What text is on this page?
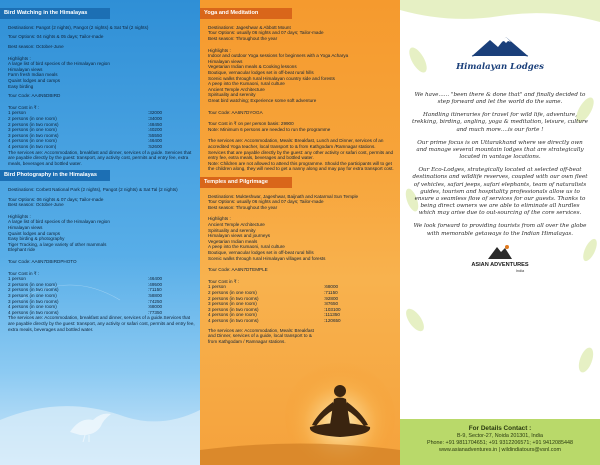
Bird Watching in the Himalayas

Destinations: Pangot (2 nights), Pangot (2 nights) & Sat Tal (2 nights)

Tour Options: 04 nights & 05 days; Tailor-made

Best season: October-June

Highlights :

A large list of bird species of the Himalayan region

Himalayan views

Farm fresh Indian meals

Quaint lodges and camps

Easy birding

Tour Code: AA4N5DBIRD

Tour Cost in ₹ :

1 person	:32000
2 persons (in one room)	:34000
2 persons (in two rooms)	:48450
3 persons (in one room)	:40200
3 persons (in two rooms)	:55550
4 persons (in one room)	:46400
4 persons (in two room)	:52600

The services are: Accommodation, breakfast and dinner, services of a guide. Services that are payable directly by the guest: transport, any activity cost, permits and entry fee, extra meals, beverages and bottled water.

Bird Photography in the Himalayas

Destinations: Corbett National Park (2 nights), Pangot (2 nights) & Sat Tal (2 nights)

Tour Options: 06 nights & 07 days; Tailor-made

Best season: October-June

Highlights :

A large list of bird species of the Himalayan region

Himalayan views

Quaint lodges and camps

Easy birding & photography

Tiger Tracking, a large variety of other mammals

Elephant ride

Tour Code: AA6N7DBIRDPHOTO

Tour Cost in ₹ :

1 person	:46400
2 persons (in one room)	:49500
2 persons (in two rooms)	:71150
3 persons (in one room)	:58800
3 persons (in two rooms)	:74250
4 persons (in one room)	:68000
4 persons (in two rooms)	:77350

The services are: Accommodation, breakfast and dinner, services of a guide.Services that are payable directly by the guest: transport, any activity or safari cost, permits and entry fee, extra meals, beverages and bottled water.

Yoga and Meditation

Destinations: Jageshwar & Abbott Mount

Tour Options: usually 06 nights and 07 days; Tailor-made

Best season: Throughout the year

Highlights :

Indoor and outdoor Yoga sessions for beginners with a Yoga Acharya

Himalayan views

Vegetarian Indian meals & Cooking lessons

Boutique, vernacular lodges set in off-beat rural hills

Scenic walks through rural Himalayan country side and forests

A peep into the Kumaoni, rural culture

Ancient Temple Architecture

Spirituality and serenity

Great bird watching; Experience some soft adventure

Tour Code: AA6N7DYOGA

Tour Cost in ₹ on per person basis: 29900

Note: Minimum 6 persons are needed to run the programme

The services are: Accommodation, Meals: Breakfast, Lunch and Dinner, services of an accredited Yoga teacher, local transport to & from Kathgodam /Ramnagar stations.

Services that are payable directly by the guest: any other activity or safari cost, permits and entry fee, extra meals, beverages and bottled water.

Note: Children are not allowed to attend this programme. Should the participants will to get the children along, they will need to get a nanny along and may pay for extra transport cost.

Temples and Pilgrimage

Destinations: Mukteshwar, Jageshwar, Baijnath and Katarmal Sun Temple

Tour Options: usually 06 nights and 07 days; Tailor-made

Best season: Throughout the year

Highlights :

Ancient Temple Architecture

Spirituality and serenity

Himalayan views and journeys

Vegetarian Indian meals

A peep into the Kumaoni, rural culture

Boutique, vernacular lodges set in off-beat rural hills

Scenic walks through rural Himalayan villages and forests

Tour Code: AA6N7DTEMPLE

Tour Cost in ₹ :

1 person	:68000
2 persons (in one room)	:71150
2 persons (in two rooms)	:92800
3 persons (in one room)	:87650
3 persons (in two rooms)	:103100
4 persons (in one room)	:111350
4 persons (in two rooms)	:120650

The services are: Accommodation, Meals: Breakfast and Dinner, services of a guide, local transport to & from Kathgodam / Ramnagar stations.

Himalayan Lodges

We have...... "been there & done that" and finally decided to step forward and let the world do the same.

Handling itineraries for travel for wild life, adventure, trekking, birding, angling, yoga & meditation, leisure, culture and much more....is our forte !

Our prime focus is on Uttarakhand where we directly own and manage several mountain lodges that are strategically located in vantage locations.

Our Eco-Lodges, strategically located at selected off-beat destinations and wildlife reserves, coupled with our own fleet of vehicles, safari jeeps, safari elephants, team of naturalists guides, tourism and hospitality professionals allow us to ensure a seamless flow of services for our guests. Thanks to being direct owners we are able to eliminate all hurdles which may arise due to out-sourcing of the core services.

We look forward to providing tourists from all over the globe with memorable getaways to the Indian Himalayas.

ASIAN ADVENTURES
India
For Details Contact :
B-9, Sector-27, Noida 201301, India
Phone: +91 9811704651; +91 9312206571; +91 9412085448
www.asianadventures.in | wildindiatours@vsnl.com
